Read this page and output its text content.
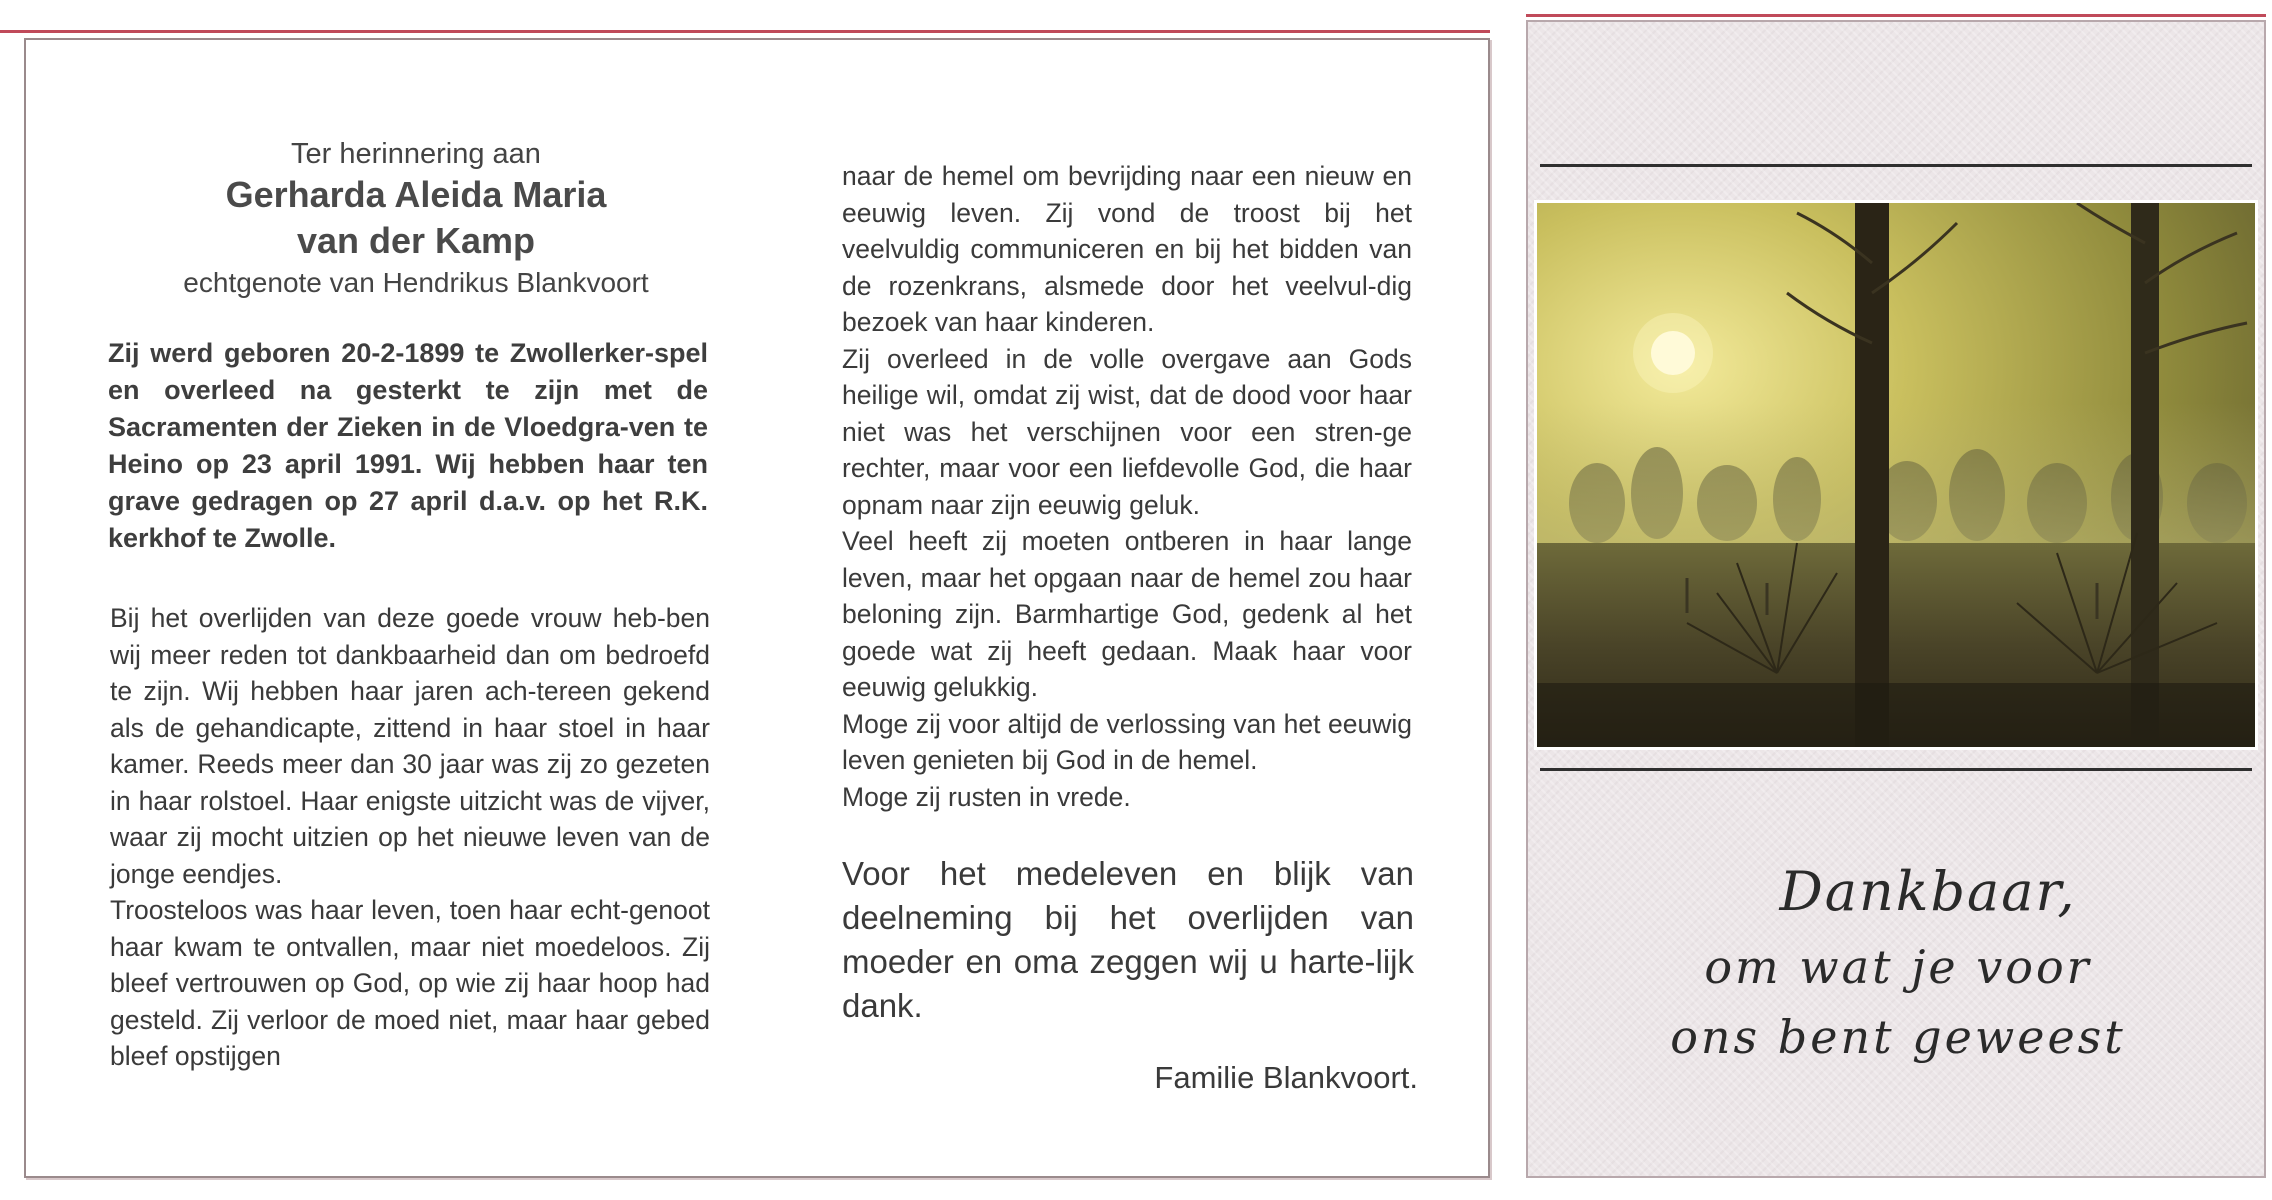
Ter herinnering aan
Gerharda Aleida Maria
van der Kamp
echtgenote van Hendrikus Blankvoort
Zij werd geboren 20-2-1899 te Zwollerker-spel en overleed na gesterkt te zijn met de Sacramenten der Zieken in de Vloedgra-ven te Heino op 23 april 1991. Wij hebben haar ten grave gedragen op 27 april d.a.v. op het R.K. kerkhof te Zwolle.

Bij het overlijden van deze goede vrouw heb-ben wij meer reden tot dankbaarheid dan om bedroefd te zijn. Wij hebben haar jaren ach-tereen gekend als de gehandicapte, zittend in haar stoel in haar kamer. Reeds meer dan 30 jaar was zij zo gezeten in haar rolstoel. Haar enigste uitzicht was de vijver, waar zij mocht uitzien op het nieuwe leven van de jonge eendjes.

Troosteloos was haar leven, toen haar echt-genoot haar kwam te ontvallen, maar niet moedeloos. Zij bleef vertrouwen op God, op wie zij haar hoop had gesteld. Zij verloor de moed niet, maar haar gebed bleef opstijgen

naar de hemel om bevrijding naar een nieuw en eeuwig leven. Zij vond de troost bij het veelvuldig communiceren en bij het bidden van de rozenkrans, alsmede door het veelvul-dig bezoek van haar kinderen.

Zij overleed in de volle overgave aan Gods heilige wil, omdat zij wist, dat de dood voor haar niet was het verschijnen voor een stren-ge rechter, maar voor een liefdevolle God, die haar opnam naar zijn eeuwig geluk.

Veel heeft zij moeten ontberen in haar lange leven, maar het opgaan naar de hemel zou haar beloning zijn. Barmhartige God, gedenk al het goede wat zij heeft gedaan. Maak haar voor eeuwig gelukkig.

Moge zij voor altijd de verlossing van het eeuwig leven genieten bij God in de hemel.

Moge zij rusten in vrede.

Voor het medeleven en blijk van deelneming bij het overlijden van moeder en oma zeggen wij u harte-lijk dank.
Familie Blankvoort.
Dankbaar,
om wat je voor
ons bent geweest
